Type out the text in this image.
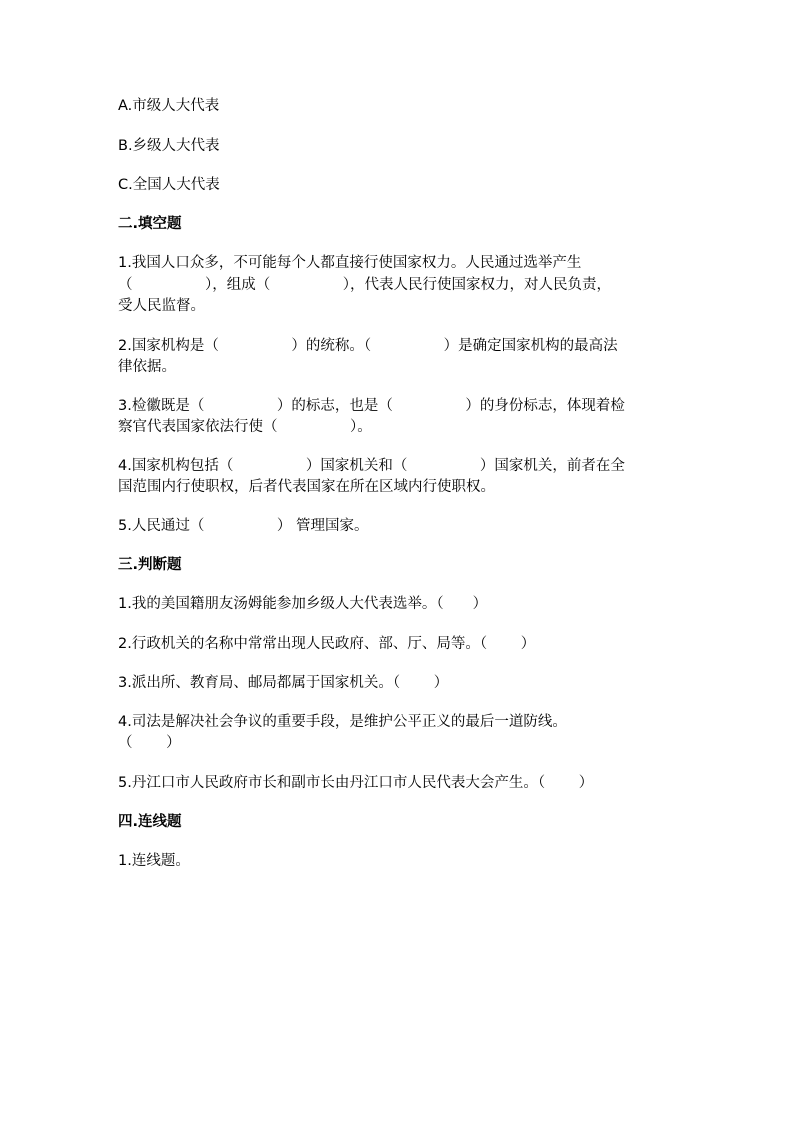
A.市级人大代表
B.乡级人大代表
C.全国人大代表
二.填空题
1.我国人口众多，不可能每个人都直接行使国家权力。人民通过选举产生
（　　　　　），组成（　　　　　），代表人民行使国家权力，对人民负责，
受人民监督。
2.国家机构是（　　　　　）的统称。（　　　　　）是确定国家机构的最高法
律依据。
3.检徽既是（　　　　　）的标志，也是（　　　　　）的身份标志，体现着检
察官代表国家依法行使（　　　　　）。
4.国家机构包括（　　　　　）国家机关和（　　　　　）国家机关，前者在全
国范围内行使职权，后者代表国家在所在区域内行使职权。
5.人民通过（　　　　　） 管理国家。
三.判断题
1.我的美国籍朋友汤姆能参加乡级人大代表选举。（　　）
2.行政机关的名称中常常出现人民政府、部、厅、局等。（　　 ）
3.派出所、教育局、邮局都属于国家机关。（　　 ）
4.司法是解决社会争议的重要手段，是维护公平正义的最后一道防线。
（　　 ）
5.丹江口市人民政府市长和副市长由丹江口市人民代表大会产生。（　　 ）
四.连线题
1.连线题。
